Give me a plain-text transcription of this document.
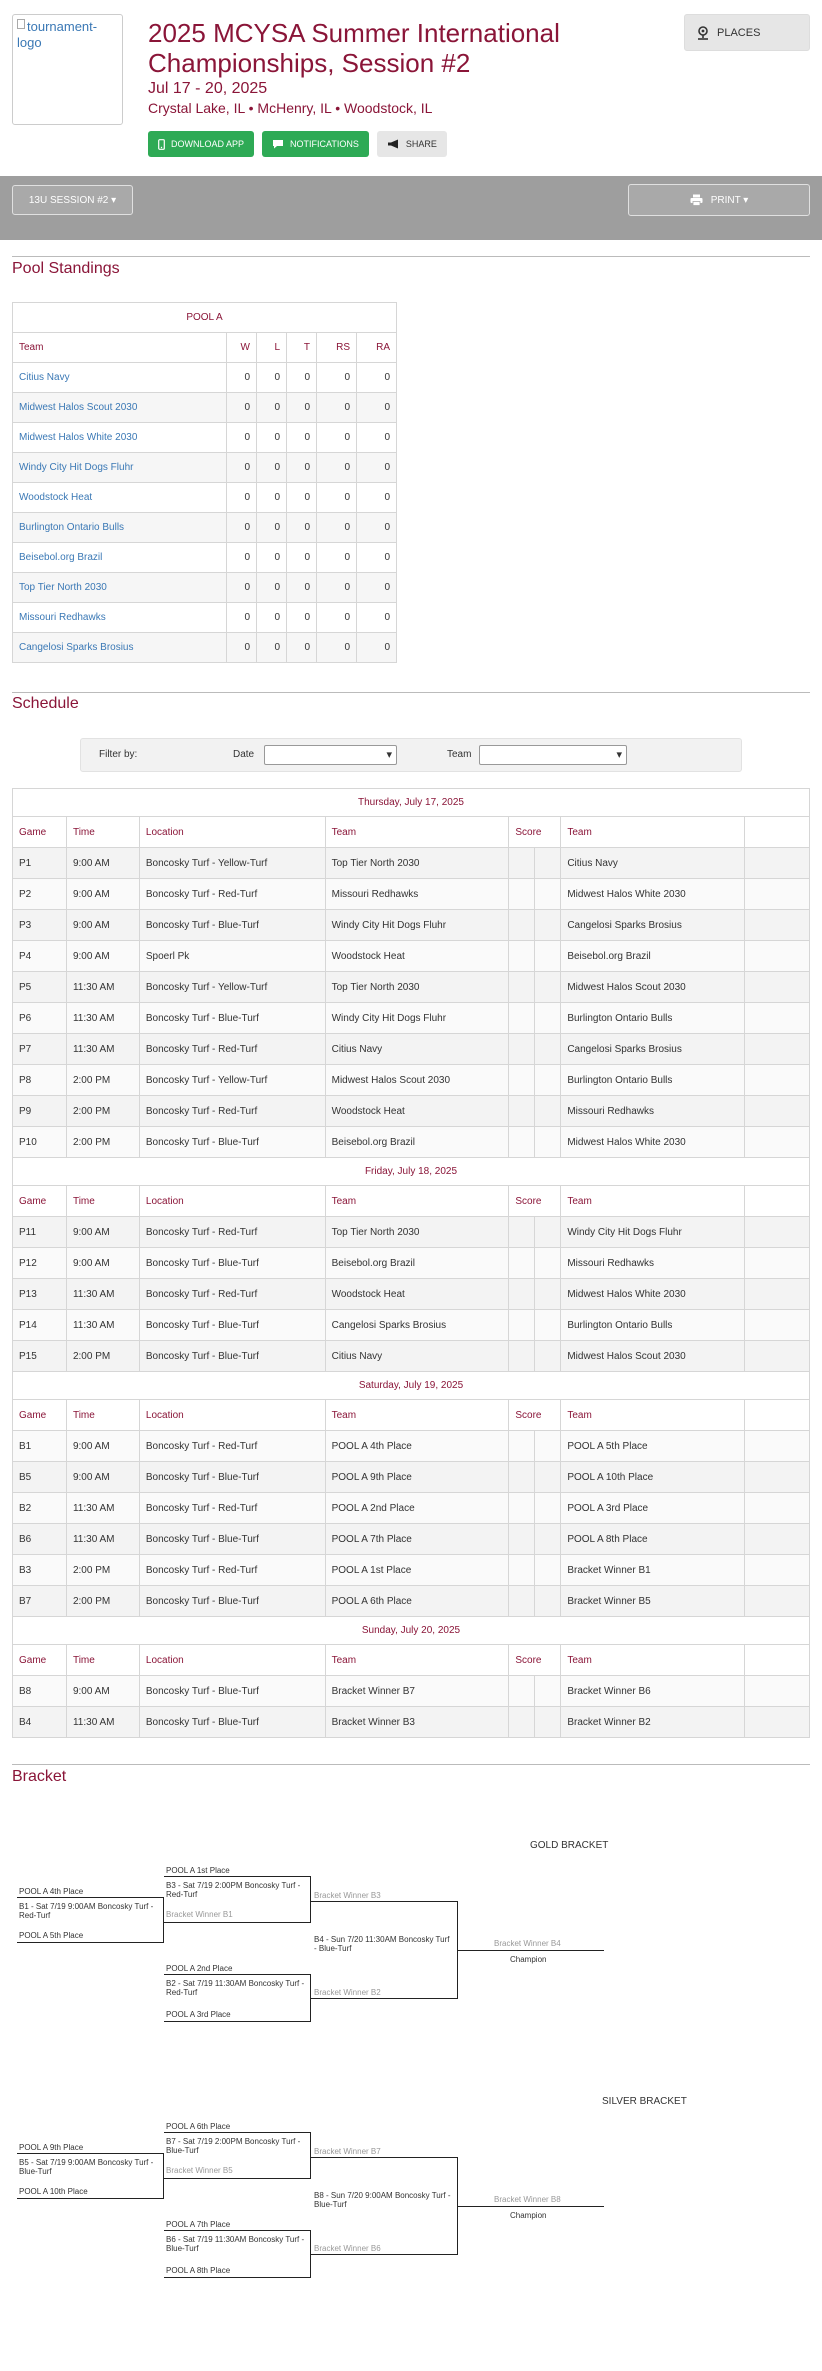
tournament-logo	2025 MCYSA Summer International Championships, Session #2
Jul 17 - 20, 2025
Crystal Lake, IL • McHenry, IL • Woodstock, IL
PLACES
DOWNLOAD APP	NOTIFICATIONS	SHARE
13U SESSION #2 ▾	PRINT ▾
Pool Standings
POOL A					
Team	W	L	T	RS	RA
Citius Navy	0	0	0	0	0
Midwest Halos Scout 2030	0	0	0	0	0
Midwest Halos White 2030	0	0	0	0	0
Windy City Hit Dogs Fluhr	0	0	0	0	0
Woodstock Heat	0	0	0	0	0
Burlington Ontario Bulls	0	0	0	0	0
Beisebol.org Brazil	0	0	0	0	0
Top Tier North 2030	0	0	0	0	0
Missouri Redhawks	0	0	0	0	0
Cangelosi Sparks Brosius	0	0	0	0	0
Schedule
Filter by:	Date ▾	Team
▾
Thursday, July 17, 2025							
Game	Time	Location	Team	Score		Team	
P1	9:00 AM	Boncosky Turf - Yellow-Turf	Top Tier North 2030			Citius Navy	
P2	9:00 AM	Boncosky Turf - Red-Turf	Missouri Redhawks			Midwest Halos White 2030	
P3	9:00 AM	Boncosky Turf - Blue-Turf	Windy City Hit Dogs Fluhr			Cangelosi Sparks Brosius	
P4	9:00 AM	Spoerl Pk	Woodstock Heat			Beisebol.org Brazil	
P5	11:30 AM	Boncosky Turf - Yellow-Turf	Top Tier North 2030			Midwest Halos Scout 2030	
P6	11:30 AM	Boncosky Turf - Blue-Turf	Windy City Hit Dogs Fluhr			Burlington Ontario Bulls	
P7	11:30 AM	Boncosky Turf - Red-Turf	Citius Navy			Cangelosi Sparks Brosius	
P8	2:00 PM	Boncosky Turf - Yellow-Turf	Midwest Halos Scout 2030			Burlington Ontario Bulls	
P9	2:00 PM	Boncosky Turf - Red-Turf	Woodstock Heat			Missouri Redhawks	
P10	2:00 PM	Boncosky Turf - Blue-Turf	Beisebol.org Brazil			Midwest Halos White 2030	
Friday, July 18, 2025							
Game	Time	Location	Team	Score		Team	
P11	9:00 AM	Boncosky Turf - Red-Turf	Top Tier North 2030			Windy City Hit Dogs Fluhr	
P12	9:00 AM	Boncosky Turf - Blue-Turf	Beisebol.org Brazil			Missouri Redhawks	
P13	11:30 AM	Boncosky Turf - Red-Turf	Woodstock Heat			Midwest Halos White 2030	
P14	11:30 AM	Boncosky Turf - Blue-Turf	Cangelosi Sparks Brosius			Burlington Ontario Bulls	
P15	2:00 PM	Boncosky Turf - Blue-Turf	Citius Navy			Midwest Halos Scout 2030	
Saturday, July 19, 2025							
Game	Time	Location	Team	Score		Team	
B1	9:00 AM	Boncosky Turf - Red-Turf	POOL A 4th Place			POOL A 5th Place	
B5	9:00 AM	Boncosky Turf - Blue-Turf	POOL A 9th Place			POOL A 10th Place	
B2	11:30 AM	Boncosky Turf - Red-Turf	POOL A 2nd Place			POOL A 3rd Place	
B6	11:30 AM	Boncosky Turf - Blue-Turf	POOL A 7th Place			POOL A 8th Place	
B3	2:00 PM	Boncosky Turf - Red-Turf	POOL A 1st Place			Bracket Winner B1	
B7	2:00 PM	Boncosky Turf - Blue-Turf	POOL A 6th Place			Bracket Winner B5	
Sunday, July 20, 2025							
Game	Time	Location	Team	Score		Team	
B8	9:00 AM	Boncosky Turf - Blue-Turf	Bracket Winner B7			Bracket Winner B6	
B4	11:30 AM	Boncosky Turf - Blue-Turf	Bracket Winner B3			Bracket Winner B2	
Bracket
GOLD BRACKET
POOL A 4th Place
B1 - Sat 7/19 9:00AM Boncosky Turf - Red-Turf
POOL A 5th Place
POOL A 1st Place
B3 - Sat 7/19 2:00PM Boncosky Turf - Red-Turf
Bracket Winner B1
POOL A 2nd Place
B2 - Sat 7/19 11:30AM Boncosky Turf - Red-Turf
POOL A 3rd Place
Bracket Winner B3
B4 - Sun 7/20 11:30AM Boncosky Turf - Blue-Turf
Bracket Winner B2
Bracket Winner B4
Champion
SILVER BRACKET
POOL A 9th Place
B5 - Sat 7/19 9:00AM Boncosky Turf - Blue-Turf
POOL A 10th Place
POOL A 6th Place
B7 - Sat 7/19 2:00PM Boncosky Turf - Blue-Turf
Bracket Winner B5
POOL A 7th Place
B6 - Sat 7/19 11:30AM Boncosky Turf - Blue-Turf
POOL A 8th Place
Bracket Winner B7
B8 - Sun 7/20 9:00AM Boncosky Turf - Blue-Turf
Bracket Winner B6
Bracket Winner B8
Champion
